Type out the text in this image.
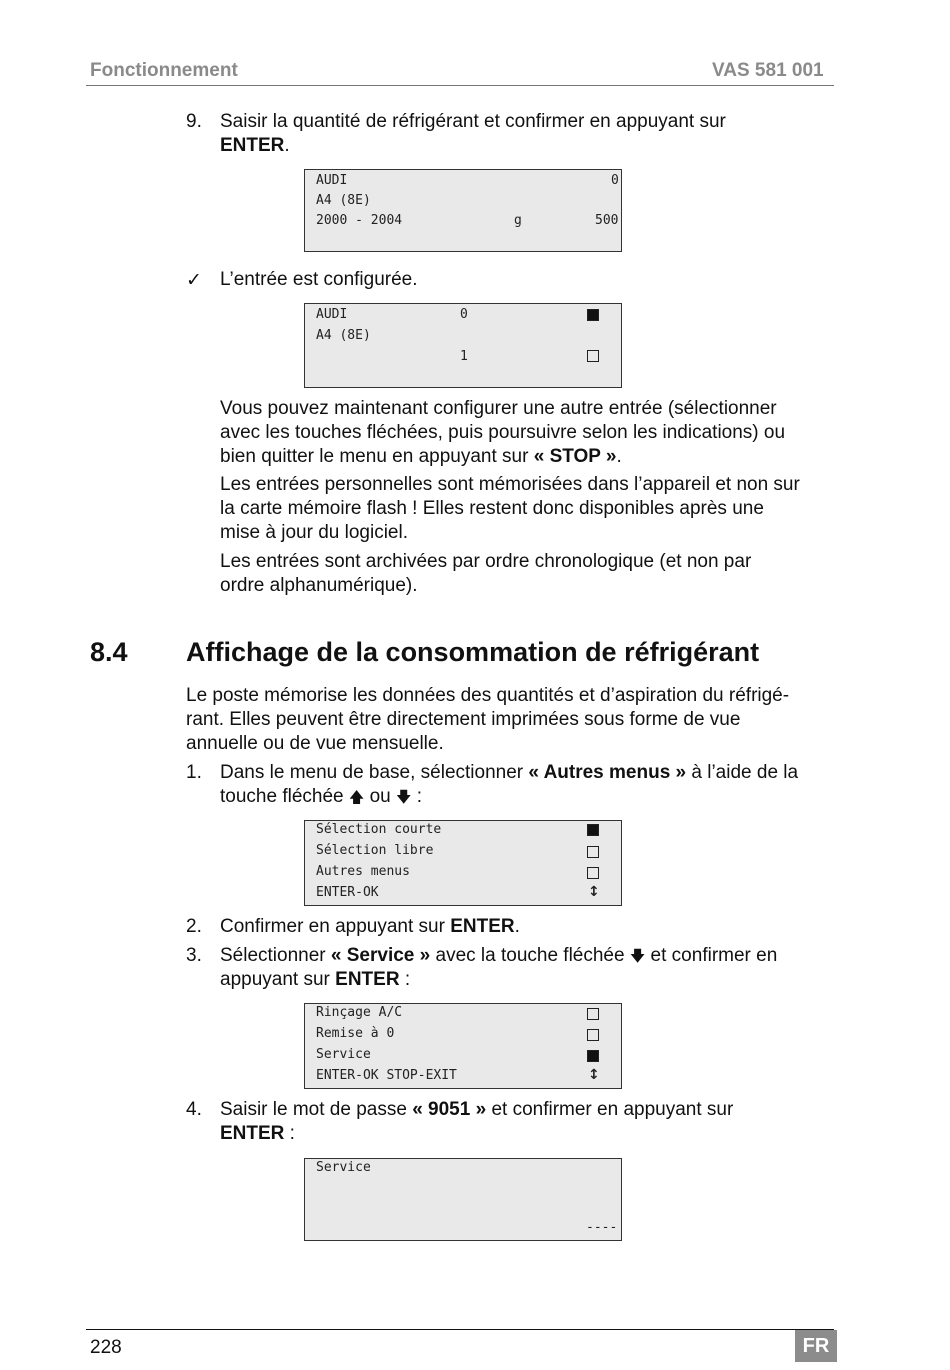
Fonctionnement	VAS 581 001
9. Saisir la quantité de réfrigérant et confirmer en appuyant sur
ENTER.
AUDI	0
A4 (8E)
2000 - 2004	g	500
✓ L’entrée est configurée.
AUDI	0
A4 (8E)
1
Vous pouvez maintenant configurer une autre entrée (sélectionner
avec les touches fléchées, puis poursuivre selon les indications) ou
bien quitter le menu en appuyant sur « STOP ».
Les entrées personnelles sont mémorisées dans l’appareil et non sur
la carte mémoire flash ! Elles restent donc disponibles après une
mise à jour du logiciel.
Les entrées sont archivées par ordre chronologique (et non par
ordre alphanumérique).
8.4 Affichage de la consommation de réfrigérant
Le poste mémorise les données des quantités et d’aspiration du réfrigé-
rant. Elles peuvent être directement imprimées sous forme de vue
annuelle ou de vue mensuelle.
1. Dans le menu de base, sélectionner « Autres menus » à l’aide de la
touche fléchée 🡅 ou 🡇 :
Sélection courte
Sélection libre
Autres menus
ENTER-OK	↕
2. Confirmer en appuyant sur ENTER.
3. Sélectionner « Service » avec la touche fléchée 🡇 et confirmer en
appuyant sur ENTER :
Rinçage A/C
Remise à 0
Service
ENTER-OK STOP-EXIT	↕
4. Saisir le mot de passe « 9051 » et confirmer en appuyant sur
ENTER :
Service
----
228	FR
